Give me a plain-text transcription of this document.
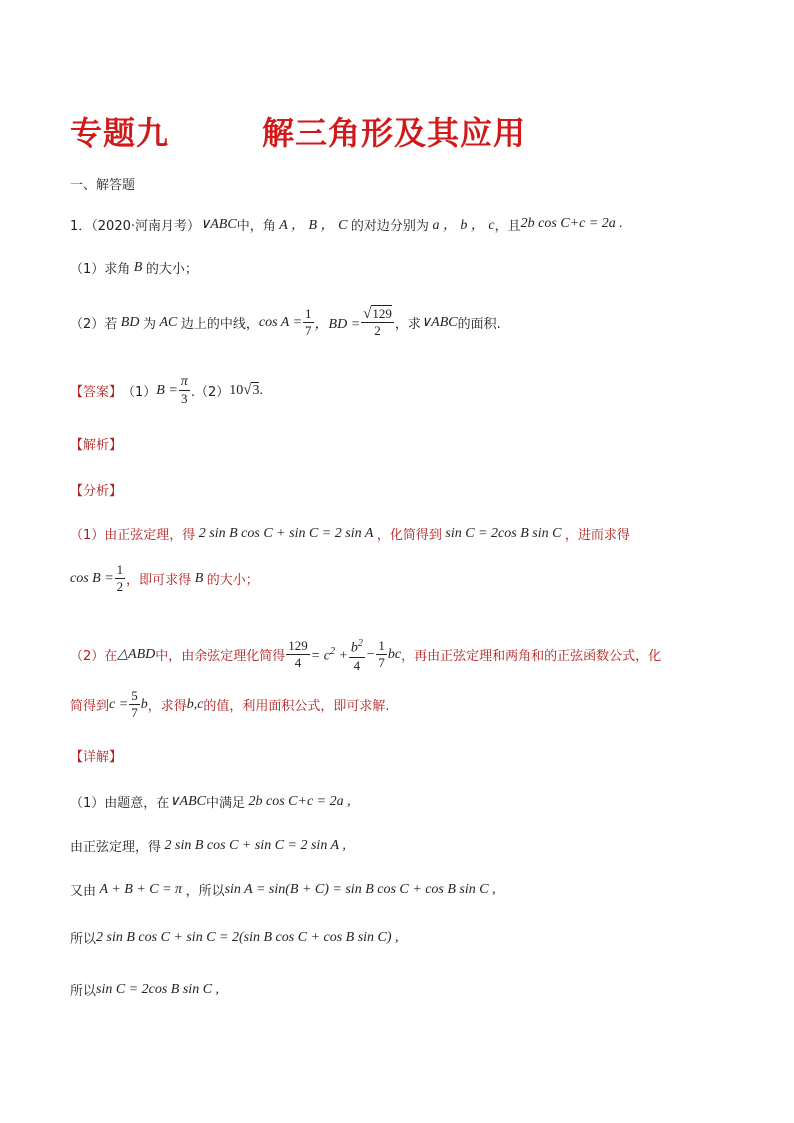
专题九	解三角形及其应用
一、解答题
1．（2020·河南月考） ∨ABC 中，角 A ， B ， C 的对边分别为 a ， b ， c ，且 2b cos C+c = 2a .
（1）求角 B 的大小；
（2）若 BD 为 AC 边上的中线， $\cos A = \frac{1}{7}$ ，BD = $\frac{√129}{2}$ ，求 ∨ABC 的面积.
【答案】 （1） $B = \frac{\pi}{3} .(2)$ 10√3.
【解析】
【分析】
（1）由正弦定理，得 2 sin B cos C + sin C = 2 sin A ，化简得到 sin C = 2cos B sin C ，进而求得
$\cos B = \frac{1}{2}$ ，即可求得 B 的大小；
（2）在 △ABD 中，由余弦定理化简得 $\frac{129}{4} = c^2 + \frac{b^2}{4} - \frac{1}{7}$ bc ，再由正弦定理和两角和的正弦函数公式，化
简得到 $c = \frac{5}{7}$ b ，求得 b,c 的值，利用面积公式，即可求解.
【详解】
（1）由题意，在 ∨ABC 中满足 2b cos C+c = 2a ,
由正弦定理，得 2 sin B cos C + sin C = 2 sin A ,
又由 A + B + C = π ，所以 sin A = sin(B + C) = sin B cos C + cos B sin C ,
所以 2 sin B cos C + sin C = 2(sin B cos C + cos B sin C) ,
所以 sin C = 2cos B sin C ,
